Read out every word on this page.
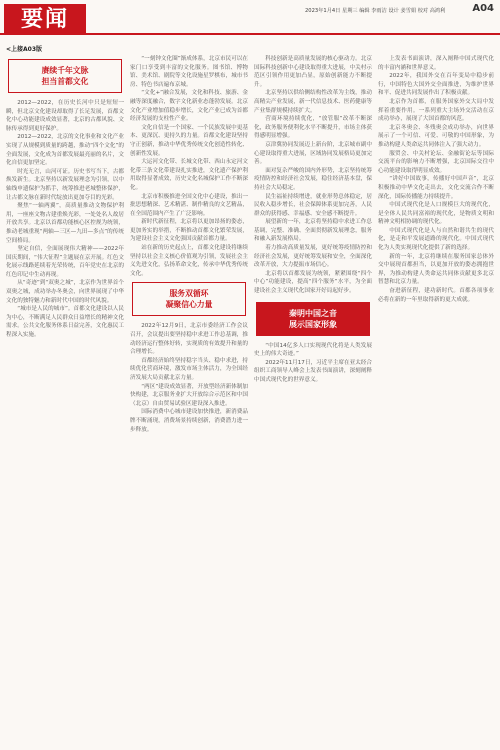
要闻	2023年1月4日 星期三 编辑 李雨洁 设计 姜雪娟 校对 高鸿利	A04
<上接A03版
赓续千年文脉
担当首都文化

2012—2022，在历史长河中只是短短一瞬，但北京文化建设却取得了长足发展，首都文化中心功能建设成效显著，北京的古都风貌、文脉传承得到更好保护。

2012—2022，北京的文化事业和文化产业实现了从规模到质量的跨越，推动“四个文化”的全面发展，文化成为首都发展最亮丽的名片，文化自信更加坚定。

时光无言，山河可证。历史书写当下，古都焕发新生。北京坚持以新发展理念为引领，以中轴线申遗保护为抓手，统筹推进老城整体保护，让古都文脉在新时代绽放出更加夺目的光彩。

聚焦“一轴两翼”，高质量推动文物保护利用，一座座文物古建重焕光彩，一处处名人故居开放共享。北京以首都功能核心区控规为统领，推动老城重现“两轴—三区—九田—多点”的传统空间格局。

坚定自信，全面展现伟大精神——2022年国庆期间，“伟大征程”主题展在京开展。红色文化展示线路延续着光荣传统，百年党史在北京的红色印记中生动再现。

从“奇迹”到“双奥之城”，北京作为世界首个双奥之城，成功举办冬奥会，向世界展现了中华文化的独特魅力和新时代中国的时代风貌。

“城市是人民的城市”。首都文化建设以人民为中心，不断满足人民群众日益增长的精神文化需求。公共文化服务体系日益完善，文化惠民工程深入实施。

“一刻钟文化圈”渐成体系，北京市民可以在家门口享受到丰富的文化服务。图书馆、博物馆、美术馆、剧院等文化设施星罗棋布，城市书房、特色书店遍布京城。

“文化+”融合发展，文化和科技、旅游、金融等深度融合，数字文化新业态蓬勃发展。北京文化产业增加值稳步增长，文化产业已成为首都经济发展的支柱性产业。

文化自信是一个国家、一个民族发展中更基本、更深沉、更持久的力量。首都文化建设坚持守正创新，推动中华优秀传统文化创造性转化、创新性发展。

大运河文化带、长城文化带、西山永定河文化带三条文化带建设扎实推进，文化遗产保护利用取得显著成效，历史文化名城保护工作不断深化。

北京市积极推进全国文化中心建设，推出一批思想精深、艺术精湛、制作精良的文艺精品，在全国范围内产生了广泛影响。

新时代新征程，北京将以更加昂扬的姿态，更加务实的举措，不断推动首都文化繁荣发展，为建设社会主义文化强国贡献首都力量。

站在新的历史起点上，首都文化建设将继续坚持以社会主义核心价值观为引领，发展社会主义先进文化，弘扬革命文化，传承中华优秀传统文化。

服务双循环
凝聚信心力量

2022年12月9日，北京市委经济工作会议召开，会议提出要坚持稳中求进工作总基调，推动经济运行整体好转，实现质的有效提升和量的合理增长。

首都经济始终坚持稳字当头、稳中求进，持续优化营商环境，激发市场主体活力，为全国经济发展大局贡献北京力量。

“两区”建设成效显著，开放型经济新体制加快构建，北京服务业扩大开放综合示范区和中国（北京）自由贸易试验区建设深入推进。

国际消费中心城市建设加快推进，新消费品牌不断涌现，消费场景持续创新，消费潜力进一步释放。

科技创新是高质量发展的核心驱动力。北京国际科技创新中心建设取得重大进展，中关村示范区引领作用更加凸显，原始创新能力不断提升。

北京坚持以供给侧结构性改革为主线，推动高精尖产业发展，新一代信息技术、医药健康等产业集群规模持续扩大。

营商环境持续优化，“放管服”改革不断深化，政务服务便利化水平不断提升，市场主体获得感明显增强。

京津冀协同发展迈上新台阶，北京城市副中心建设取得重大进展，区域协同发展格局更加完善。

面对复杂严峻的国内外形势，北京坚持统筹疫情防控和经济社会发展，稳住经济基本盘，保持社会大局稳定。

民生福祉持续增进，就业形势总体稳定，居民收入稳步增长，社会保障体系更加完善，人民群众的获得感、幸福感、安全感不断提升。

展望新的一年，北京将坚持稳中求进工作总基调，完整、准确、全面贯彻新发展理念，服务和融入新发展格局。

着力推动高质量发展，更好统筹疫情防控和经济社会发展，更好统筹发展和安全，全面深化改革开放，大力提振市场信心。

北京将以首都发展为统领，紧紧围绕“四个中心”功能建设，提高“四个服务”水平，为全面建设社会主义现代化国家开好局起好步。

秦明中国之音
展示国家形象

“中国14亿多人口实现现代化将是人类发展史上的伟大奇迹。”

2022年11月17日，习近平主席在亚太经合组织工商领导人峰会上发表书面演讲，深刻阐释中国式现代化的世界意义。

上发表书面演讲，深入阐释中国式现代化的丰富内涵和世界意义。

2022年，我国外交在百年变局中稳步前行，中国特色大国外交全面推进，为维护世界和平、促进共同发展作出了积极贡献。

北京作为首都，在服务国家外交大局中发挥着重要作用。一系列重大主场外交活动在京成功举办，展现了大国首都的风范。

北京冬奥会、冬残奥会成功举办，向世界展示了一个可信、可爱、可敬的中国形象，为推动构建人类命运共同体注入了强大动力。

服贸会、中关村论坛、金融街论坛等国际交流平台的影响力不断增强，北京国际交往中心功能建设取得明显成效。

“讲好中国故事，传播好中国声音”，北京积极推动中华文化走出去，文化交流合作不断深化，国际传播能力持续提升。

中国式现代化是人口规模巨大的现代化，是全体人民共同富裕的现代化，是物质文明和精神文明相协调的现代化。

中国式现代化是人与自然和谐共生的现代化，是走和平发展道路的现代化。中国式现代化为人类实现现代化提供了新的选择。

新的一年，北京将继续在服务国家总体外交中展现首都担当，以更加开放的姿态拥抱世界，为推动构建人类命运共同体贡献更多北京智慧和北京力量。

奋进新征程，建功新时代。首都各项事业必将在新的一年里取得新的更大成就。
